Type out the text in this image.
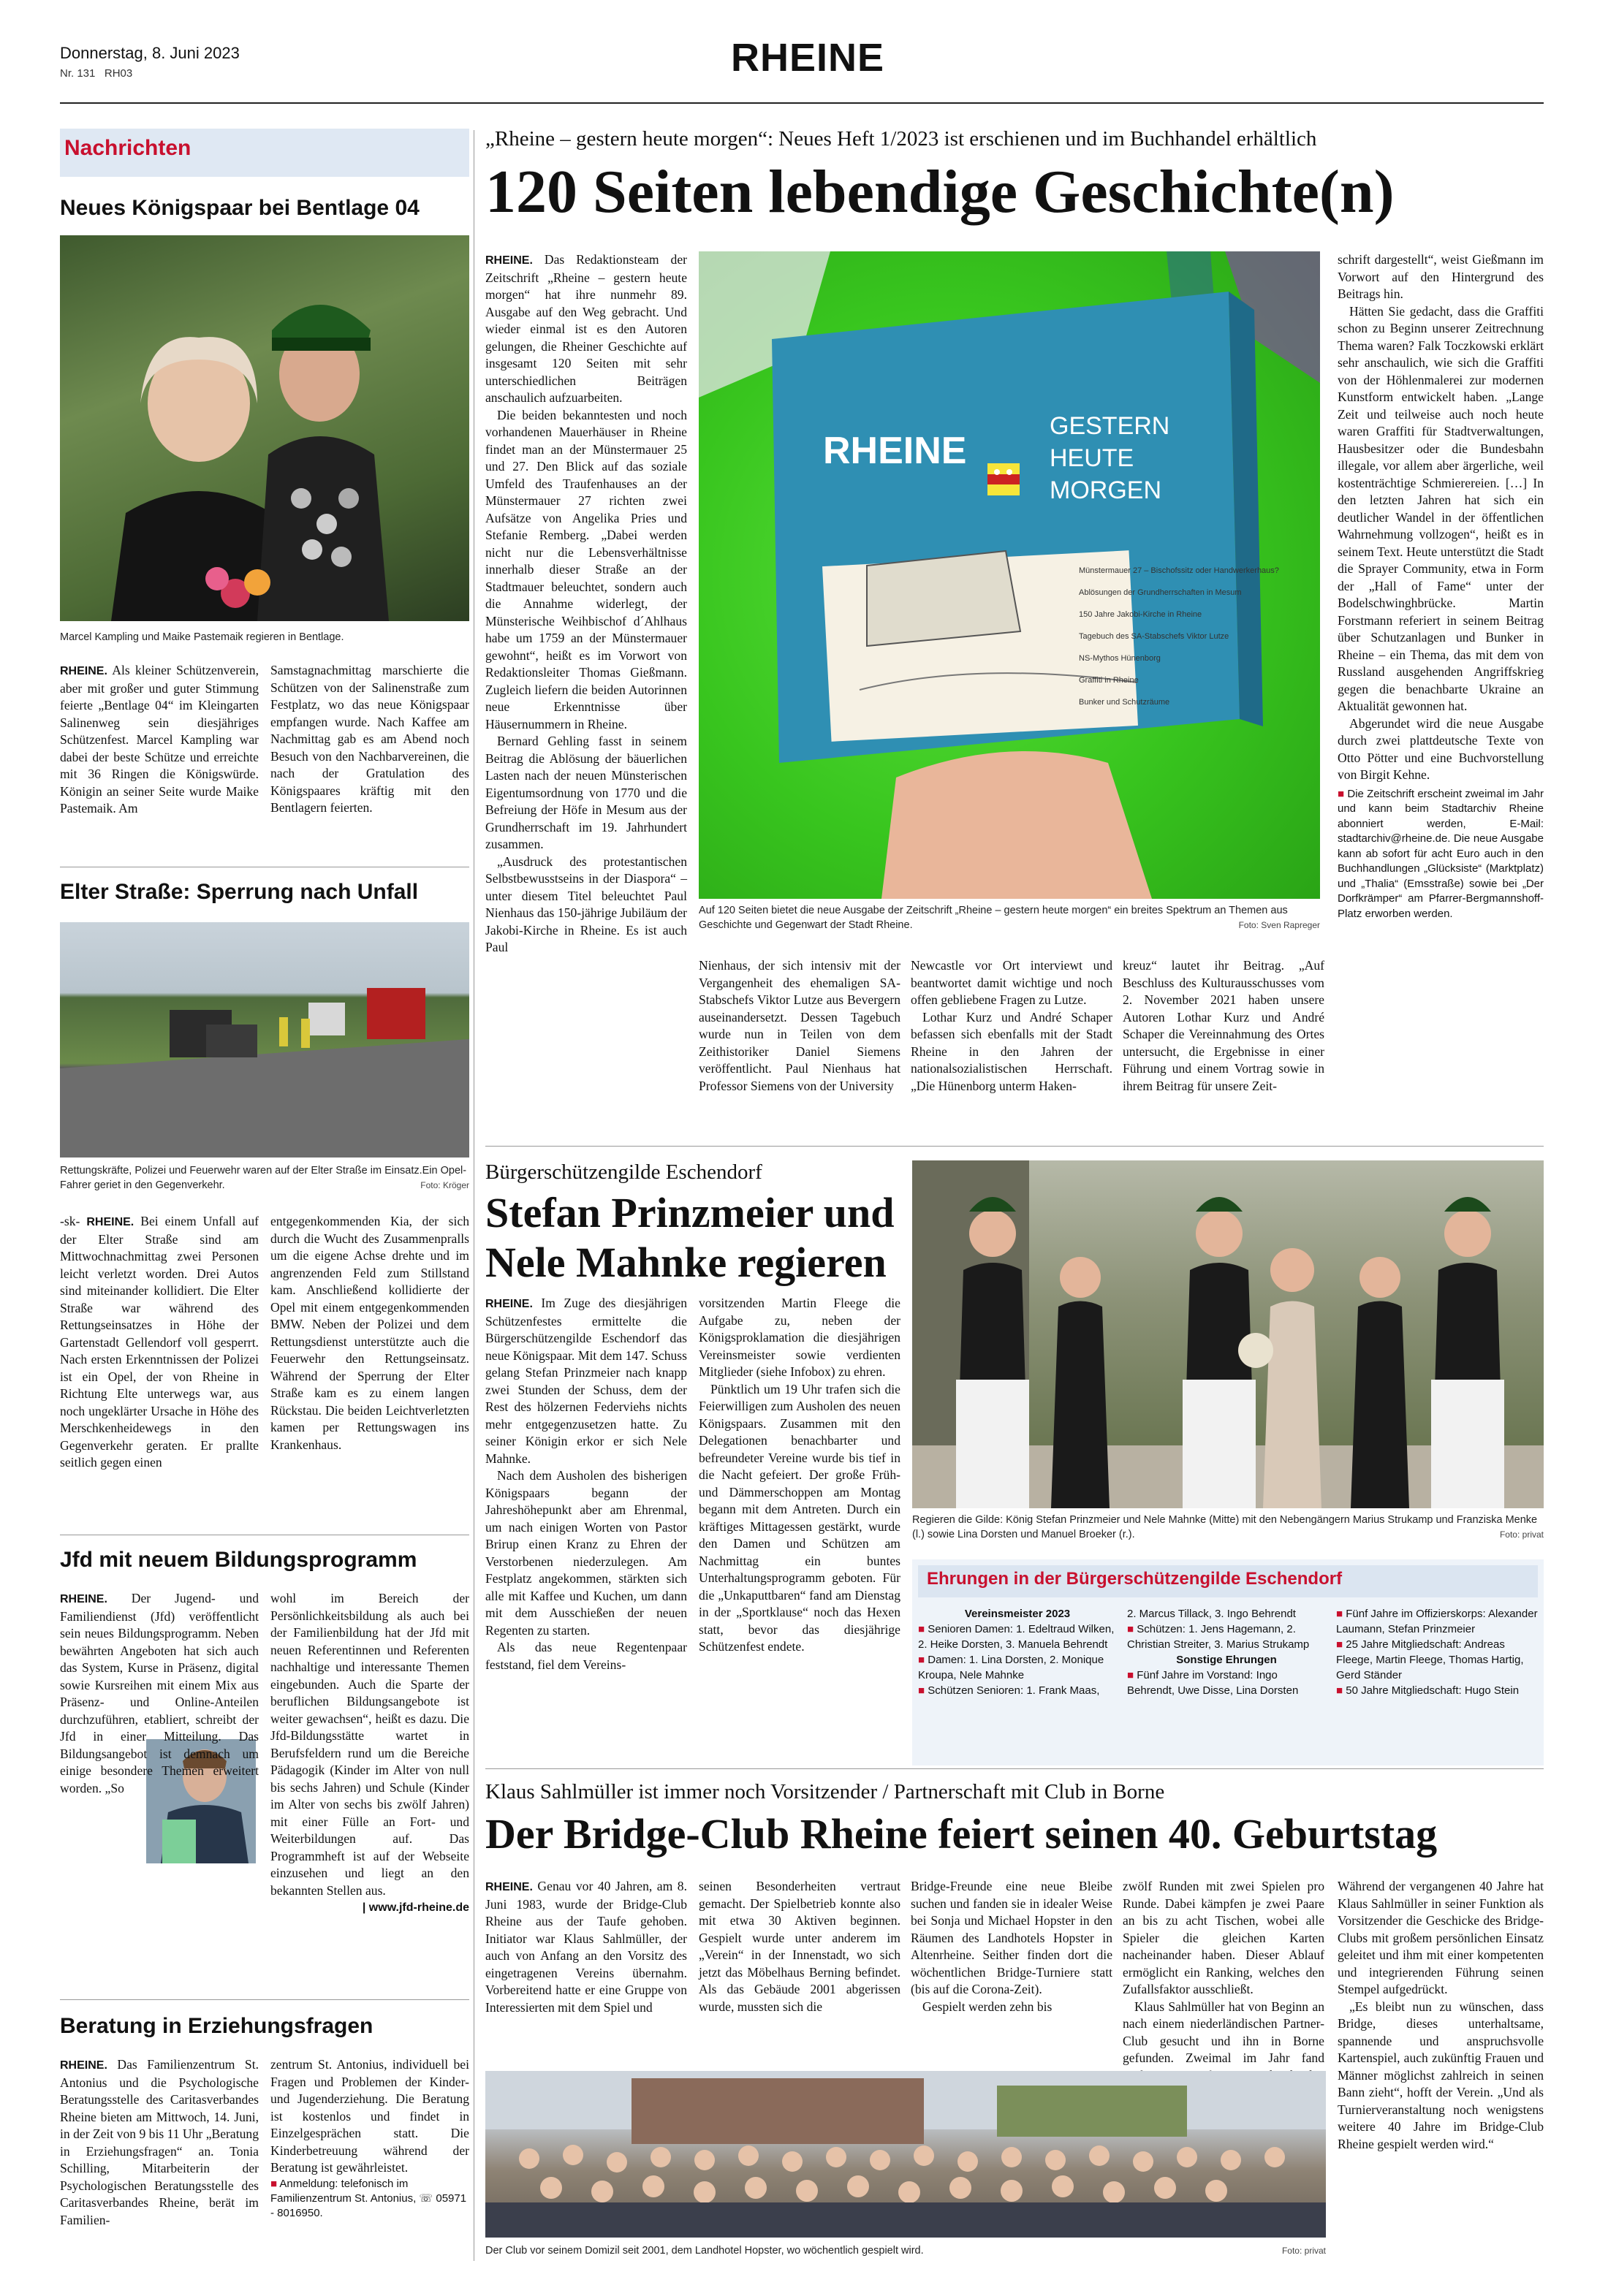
Donnerstag, 8. Juni 2023
Nr. 131 RH03	RHEINE
Nachrichten
Neues Königspaar bei Bentlage 04
Marcel Kampling und Maike Pastemaik regieren in Bentlage.

RHEINE. Als kleiner Schützenverein, aber mit großer und guter Stimmung feierte „Bentlage 04“ im Kleingarten Salinenweg sein diesjähriges Schützenfest. Marcel Kampling war dabei der beste Schütze und erreichte mit 36 Ringen die Königswürde. Königin an seiner Seite wurde Maike Pastemaik. Am

Samstagnachmittag marschierte die Schützen von der Salinenstraße zum Festplatz, wo das neue Königspaar empfangen wurde. Nach Kaffee am Nachmittag gab es am Abend noch Besuch von den Nachbarvereinen, die nach der Gratulation des Königspaares kräftig mit den Bentlagern feierten.

Elter Straße: Sperrung nach Unfall
Rettungskräfte, Polizei und Feuerwehr waren auf der Elter Straße im Einsatz.Ein Opel-Fahrer geriet in den Gegenverkehr.	Foto: Kröger

-sk- RHEINE. Bei einem Unfall auf der Elter Straße sind am Mittwochnachmittag zwei Personen leicht verletzt worden. Drei Autos sind miteinander kollidiert. Die Elter Straße war während des Rettungseinsatzes in Höhe der Gartenstadt Gellendorf voll gesperrt. Nach ersten Erkenntnissen der Polizei ist ein Opel, der von Rheine in Richtung Elte unterwegs war, aus noch ungeklärter Ursache in Höhe des Merschkenheidewegs in den Gegenverkehr geraten. Er prallte seitlich gegen einen

entgegenkommenden Kia, der sich durch die Wucht des Zusammenpralls um die eigene Achse drehte und im angrenzenden Feld zum Stillstand kam. Anschließend kollidierte der Opel mit einem entgegenkommenden BMW. Neben der Polizei und dem Rettungsdienst unterstützte auch die Feuerwehr den Rettungseinsatz. Während der Sperrung der Elter Straße kam es zu einem langen Rückstau. Die beiden Leichtverletzten kamen per Rettungswagen ins Krankenhaus.

Jfd mit neuem Bildungsprogramm

RHEINE. Der Jugend- und Familiendienst (Jfd) veröffentlicht sein neues Bildungsprogramm. Neben bewährten Angeboten hat sich auch das System, Kurse in Präsenz, digital sowie Kursreihen mit einem Mix aus Präsenz- und Online-Anteilen durchzuführen, etabliert, schreibt der Jfd in einer Mitteilung. Das Bildungsangebot ist demnach um einige besondere Themen erweitert worden. „So

wohl im Bereich der Persönlichkeitsbildung als auch bei der Familienbildung hat der Jfd mit neuen Referentinnen und Referenten nachhaltige und interessante Themen eingebunden. Auch die Sparte der beruflichen Bildungsangebote ist weiter gewachsen“, heißt es dazu. Die Jfd-Bildungsstätte wartet in Berufsfeldern rund um die Bereiche Pädagogik (Kinder im Alter von null bis sechs Jahren) und Schule (Kinder im Alter von sechs bis zwölf Jahren) mit einer Fülle an Fort- und Weiterbildungen auf. Das Programmheft ist auf der Webseite einzusehen und liegt an den bekannten Stellen aus.

| www.jfd-rheine.de

Beratung in Erziehungsfragen

RHEINE. Das Familienzentrum St. Antonius und die Psychologische Beratungsstelle des Caritasverbandes Rheine bieten am Mittwoch, 14. Juni, in der Zeit von 9 bis 11 Uhr „Beratung in Erziehungsfragen“ an. Tonia Schilling, Mitarbeiterin der Psychologischen Beratungsstelle des Caritasverbandes Rheine, berät im Familien-

zentrum St. Antonius, individuell bei Fragen und Problemen der Kinder- und Jugenderziehung. Die Beratung ist kostenlos und findet in Einzelgesprächen statt. Die Kinderbetreuung während der Beratung ist gewährleistet.

■ Anmeldung: telefonisch im Familienzentrum St. Antonius, ☏ 05971 - 8016950.

„Rheine – gestern heute morgen“: Neues Heft 1/2023 ist erschienen und im Buchhandel erhältlich
120 Seiten lebendige Geschichte(n)

RHEINE. Das Redaktionsteam der Zeitschrift „Rheine – gestern heute morgen“ hat ihre nunmehr 89. Ausgabe auf den Weg gebracht. Und wieder einmal ist es den Autoren gelungen, die Rheiner Geschichte auf insgesamt 120 Seiten mit sehr unterschiedlichen Beiträgen anschaulich aufzuarbeiten.

Die beiden bekanntesten und noch vorhandenen Mauerhäuser in Rheine findet man an der Münstermauer 25 und 27. Den Blick auf das soziale Umfeld des Traufenhauses an der Münstermauer 27 richten zwei Aufsätze von Angelika Pries und Stefanie Remberg. „Dabei werden nicht nur die Lebensverhältnisse innerhalb dieser Straße an der Stadtmauer beleuchtet, sondern auch die Annahme widerlegt, der Münsterische Weihbischof d´Ahlhaus habe um 1759 an der Münstermauer gewohnt“, heißt es im Vorwort von Redaktionsleiter Thomas Gießmann. Zugleich liefern die beiden Autorinnen neue Erkenntnisse über Häusernummern in Rheine.

Bernard Gehling fasst in seinem Beitrag die Ablösung der bäuerlichen Lasten nach der neuen Münsterischen Eigentumsordnung von 1770 und die Befreiung der Höfe in Mesum aus der Grundherrschaft im 19. Jahrhundert zusammen.

„Ausdruck des protestantischen Selbstbewusstseins in der Diaspora“ – unter diesem Titel beleuchtet Paul Nienhaus das 150-jährige Jubiläum der Jakobi-Kirche in Rheine. Es ist auch Paul

RHEINE
GESTERN
HEUTE
MORGEN
Münstermauer 27 – Bischofssitz oder Handwerkerhaus?
Ablösungen der Grundherrschaften in Mesum
150 Jahre Jakobi-Kirche in Rheine
Tagebuch des SA-Stabschefs Viktor Lutze
NS-Mythos Hünenborg
Graffiti in Rheine
Bunker und Schutzräume
Auf 120 Seiten bietet die neue Ausgabe der Zeitschrift „Rheine – gestern heute morgen“ ein breites Spektrum an Themen aus Geschichte und Gegenwart der Stadt Rheine.	Foto: Sven Rapreger

Nienhaus, der sich intensiv mit der Vergangenheit des ehemaligen SA-Stabschefs Viktor Lutze aus Bevergern auseinandersetzt. Dessen Tagebuch wurde nun in Teilen von dem Zeithistoriker Daniel Siemens veröffentlicht. Paul Nienhaus hat Professor Siemens von der University

Newcastle vor Ort interviewt und beantwortet damit wichtige und noch offen gebliebene Fragen zu Lutze.

Lothar Kurz und André Schaper befassen sich ebenfalls mit der Stadt Rheine in den Jahren der nationalsozialistischen Herrschaft. „Die Hünenborg unterm Haken-

kreuz“ lautet ihr Beitrag. „Auf Beschluss des Kulturausschusses vom 2. November 2021 haben unsere Autoren Lothar Kurz und André Schaper die Vereinnahmung des Ortes untersucht, die Ergebnisse in einer Führung und einem Vortrag sowie in ihrem Beitrag für unsere Zeit-

schrift dargestellt“, weist Gießmann im Vorwort auf den Hintergrund des Beitrags hin.

Hätten Sie gedacht, dass die Graffiti schon zu Beginn unserer Zeitrechnung Thema waren? Falk Toczkowski erklärt sehr anschaulich, wie sich die Graffiti von der Höhlenmalerei zur modernen Kunstform entwickelt haben. „Lange Zeit und teilweise auch noch heute waren Graffiti für Stadtverwaltungen, Hausbesitzer oder die Bundesbahn illegale, vor allem aber ärgerliche, weil kostenträchtige Schmierereien. […] In den letzten Jahren hat sich ein deutlicher Wandel in der öffentlichen Wahrnehmung vollzogen“, heißt es in seinem Text. Heute unterstützt die Stadt die Sprayer Community, etwa in Form der „Hall of Fame“ unter der Bodelschwinghbrücke. Martin Forstmann referiert in seinem Beitrag über Schutzanlagen und Bunker in Rheine – ein Thema, das mit dem von Russland ausgehenden Angriffskrieg gegen die benachbarte Ukraine an Aktualität gewonnen hat.

Abgerundet wird die neue Ausgabe durch zwei plattdeutsche Texte von Otto Pötter und eine Buchvorstellung von Birgit Kehne.

■ Die Zeitschrift erscheint zweimal im Jahr und kann beim Stadtarchiv Rheine abonniert werden, E-Mail: stadtarchiv@rheine.de. Die neue Ausgabe kann ab sofort für acht Euro auch in den Buchhandlungen „Glücksiste“ (Marktplatz) und „Thalia“ (Emsstraße) sowie bei „Der Dorfkrämper“ am Pfarrer-Bergmannshoff-Platz erworben werden.

Bürgerschützengilde Eschendorf
Stefan Prinzmeier und
Nele Mahnke regieren

RHEINE. Im Zuge des diesjährigen Schützenfestes ermittelte die Bürgerschützengilde Eschendorf das neue Königspaar. Mit dem 147. Schuss gelang Stefan Prinzmeier nach knapp zwei Stunden der Schuss, dem der Rest des hölzernen Federviehs nichts mehr entgegenzusetzen hatte. Zu seiner Königin erkor er sich Nele Mahnke.

Nach dem Ausholen des bisherigen Königspaars begann der Jahreshöhepunkt aber am Ehrenmal, um nach einigen Worten von Pastor Brirup einen Kranz zu Ehren der Verstorbenen niederzulegen. Am Festplatz angekommen, stärkten sich alle mit Kaffee und Kuchen, um dann mit dem Ausschießen der neuen Regenten zu starten.

Als das neue Regentenpaar feststand, fiel dem Vereins-

vorsitzenden Martin Fleege die Aufgabe zu, neben der Königsproklamation die diesjährigen Vereinsmeister sowie verdienten Mitglieder (siehe Infobox) zu ehren.

Pünktlich um 19 Uhr trafen sich die Feierwilligen zum Ausholen des neuen Königspaars. Zusammen mit den Delegationen benachbarter und befreundeter Vereine wurde bis tief in die Nacht gefeiert. Der große Früh- und Dämmerschoppen am Montag begann mit dem Antreten. Durch ein kräftiges Mittagessen gestärkt, wurde den Damen und Schützen am Nachmittag ein buntes Unterhaltungsprogramm geboten. Für die „Unkaputtbaren“ fand am Dienstag in der „Sportklause“ noch das Hexen statt, bevor das diesjährige Schützenfest endete.

Regieren die Gilde: König Stefan Prinzmeier und Nele Mahnke (Mitte) mit den Nebengängern Marius Strukamp und Franziska Menke (l.) sowie Lina Dorsten und Manuel Broeker (r.).	Foto: privat
Ehrungen in der Bürgerschützengilde Eschendorf
Vereinsmeister 2023
■ Senioren Damen: 1. Edeltraud Wilken, 2. Heike Dorsten, 3. Manuela Behrendt
■ Damen: 1. Lina Dorsten, 2. Monique Kroupa, Nele Mahnke
■ Schützen Senioren: 1. Frank Maas,
2. Marcus Tillack, 3. Ingo Behrendt
■ Schützen: 1. Jens Hagemann, 2. Christian Streiter, 3. Marius Strukamp
Sonstige Ehrungen
■ Fünf Jahre im Vorstand: Ingo Behrendt, Uwe Disse, Lina Dorsten
■ Fünf Jahre im Offizierskorps: Alexander Laumann, Stefan Prinzmeier
■ 25 Jahre Mitgliedschaft: Andreas Fleege, Martin Fleege, Thomas Hartig, Gerd Ständer
■ 50 Jahre Mitgliedschaft: Hugo Stein
Klaus Sahlmüller ist immer noch Vorsitzender / Partnerschaft mit Club in Borne
Der Bridge-Club Rheine feiert seinen 40. Geburtstag

RHEINE. Genau vor 40 Jahren, am 8. Juni 1983, wurde der Bridge-Club Rheine aus der Taufe gehoben. Initiator war Klaus Sahlmüller, der auch von Anfang an den Vorsitz des eingetragenen Vereins übernahm. Vorbereitend hatte er eine Gruppe von Interessierten mit dem Spiel und

seinen Besonderheiten vertraut gemacht. Der Spielbetrieb konnte also mit etwa 30 Aktiven beginnen. Gespielt wurde unter anderem im „Verein“ in der Innenstadt, wo sich jetzt das Möbelhaus Berning befindet. Als das Gebäude 2001 abgerissen wurde, mussten sich die

Bridge-Freunde eine neue Bleibe suchen und fanden sie in idealer Weise bei Sonja und Michael Hopster in den Räumen des Landhotels Hopster in Altenrheine. Seither finden dort die wöchentlichen Bridge-Turniere statt (bis auf die Corona-Zeit).

Gespielt werden zehn bis

zwölf Runden mit zwei Spielen pro Runde. Dabei kämpfen je zwei Paare an bis zu acht Tischen, wobei alle Spieler die gleichen Karten nacheinander haben. Dieser Ablauf ermöglicht ein Ranking, welches den Zufallsfaktor ausschließt.

Klaus Sahlmüller hat von Beginn an nach einem niederländischen Partner-Club gesucht und ihn in Borne gefunden. Zweimal im Jahr fand

Während der vergangenen 40 Jahre hat Klaus Sahlmüller in seiner Funktion als Vorsitzender die Geschicke des Bridge-Clubs mit großem persönlichen Einsatz geleitet und ihm mit einer kompetenten und integrierenden Führung seinen Stempel aufgedrückt.

„Es bleibt nun zu wünschen, dass Bridge, dieses unterhaltsame, spannende und anspruchsvolle Kartenspiel, auch zukünftig Frauen und Männer möglichst zahlreich in seinen Bann zieht“, hofft der Verein. „Und als Turnierveranstaltung noch wenigstens weitere 40 Jahre im Bridge-Club Rheine gespielt werden wird.“

Der Club vor seinem Domizil seit 2001, dem Landhotel Hopster, wo wöchentlich gespielt wird.	Foto: privat
